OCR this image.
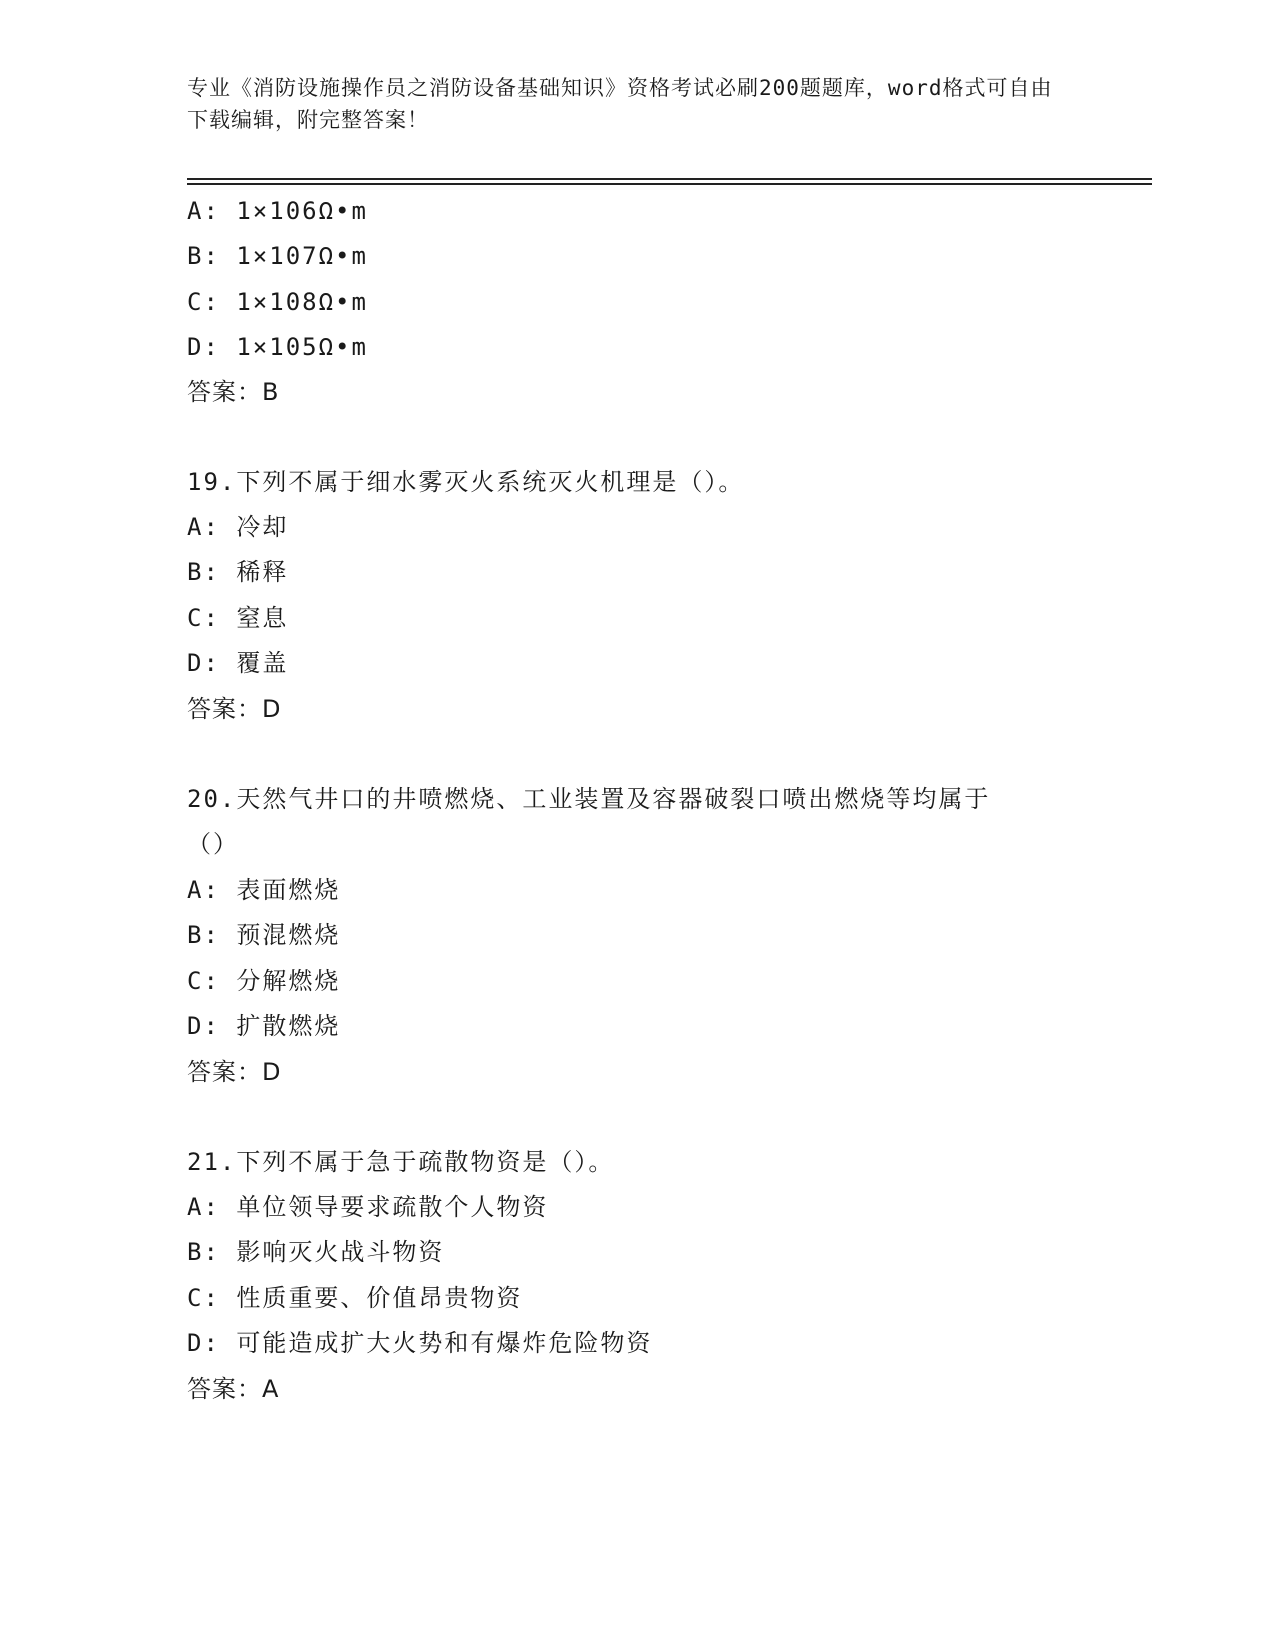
专业《消防设施操作员之消防设备基础知识》资格考试必刷200题题库，word格式可自由下载编辑，附完整答案！
A: 1×106Ω•m
B: 1×107Ω•m
C: 1×108Ω•m
D: 1×105Ω•m
答案：B
19.下列不属于细水雾灭火系统灭火机理是（）。
A: 冷却
B: 稀释
C: 窒息
D: 覆盖
答案：D
20.天然气井口的井喷燃烧、工业装置及容器破裂口喷出燃烧等均属于
（）
A: 表面燃烧
B: 预混燃烧
C: 分解燃烧
D: 扩散燃烧
答案：D
21.下列不属于急于疏散物资是（）。
A: 单位领导要求疏散个人物资
B: 影响灭火战斗物资
C: 性质重要、价值昂贵物资
D: 可能造成扩大火势和有爆炸危险物资
答案：A
